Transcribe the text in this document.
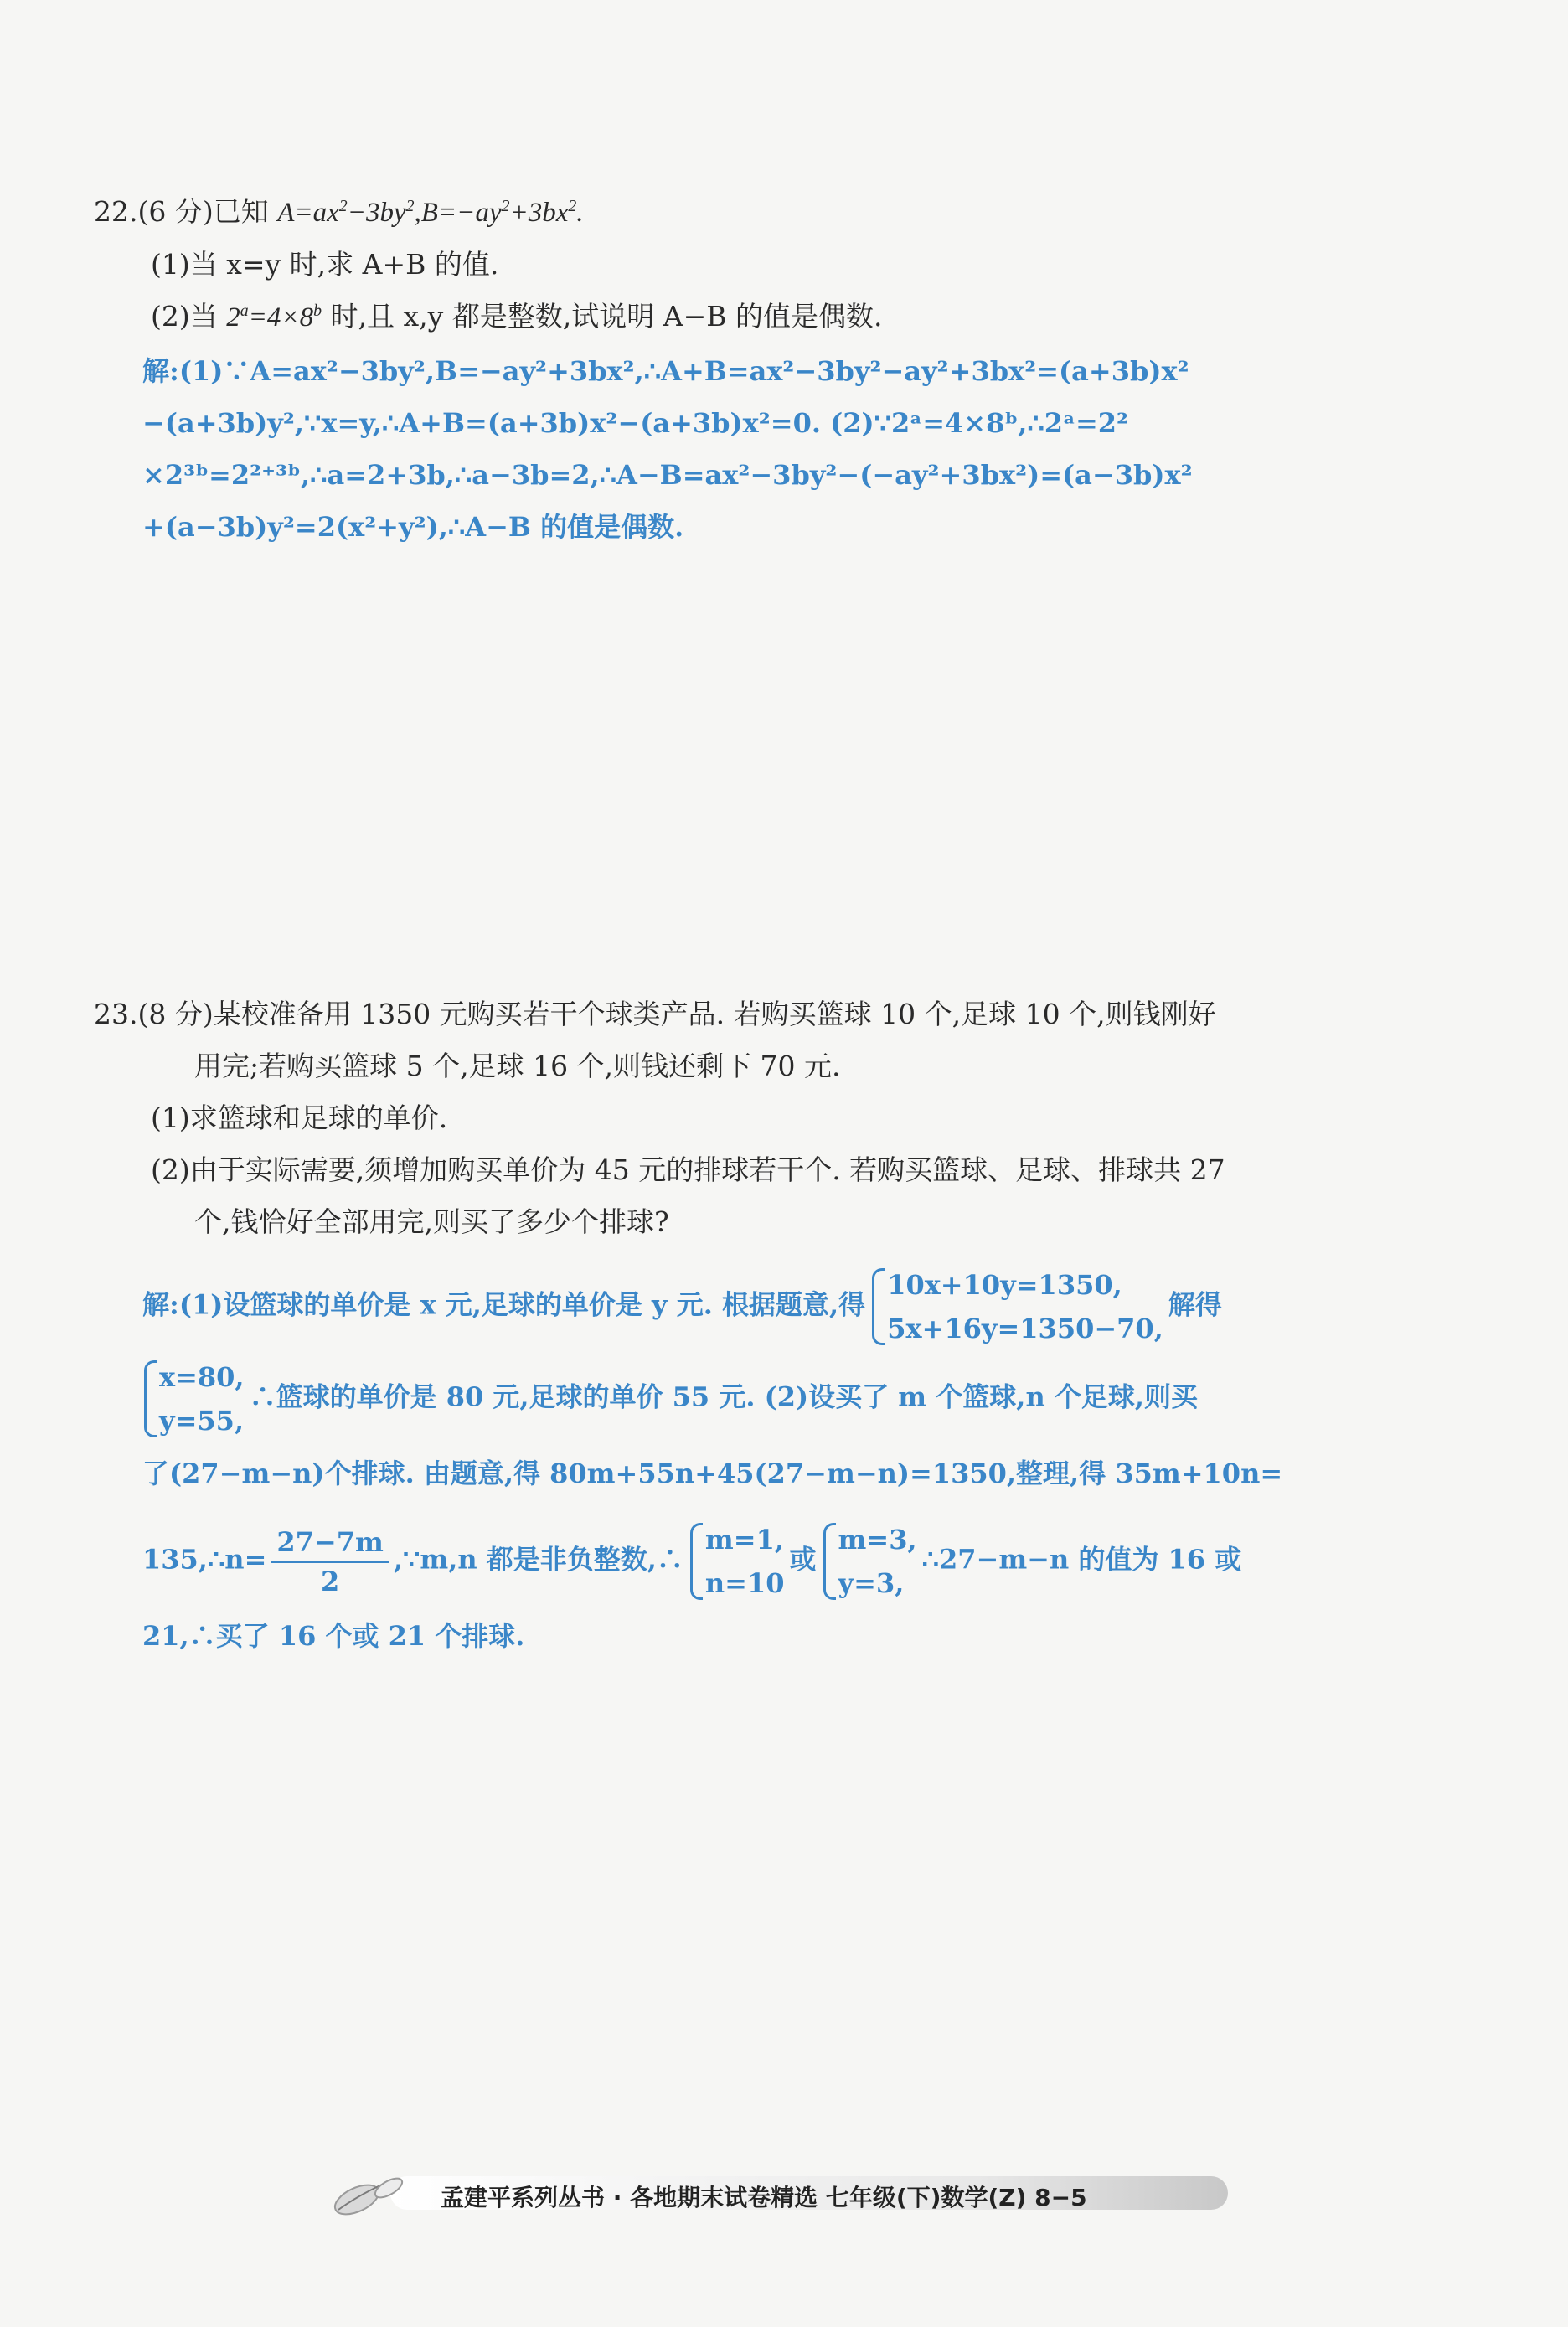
22.(6 分)已知 $A=ax^2-3by^2,B=-ay^2+3bx^2$.
(1)当 x=y 时,求 A+B 的值.
(2)当 $2^a=4\times 8^b$ 时,且 x,y 都是整数,试说明 A−B 的值是偶数.
解:(1)∵A=ax²−3by²,B=−ay²+3bx²,∴A+B=ax²−3by²−ay²+3bx²=(a+3b)x²
−(a+3b)y²,∵x=y,∴A+B=(a+3b)x²−(a+3b)x²=0. (2)∵2ᵃ=4×8ᵇ,∴2ᵃ=2²
×2³ᵇ=2²⁺³ᵇ,∴a=2+3b,∴a−3b=2,∴A−B=ax²−3by²−(−ay²+3bx²)=(a−3b)x²
+(a−3b)y²=2(x²+y²),∴A−B 的值是偶数.
23.(8 分)某校准备用 1350 元购买若干个球类产品. 若购买篮球 10 个,足球 10 个,则钱刚好
用完;若购买篮球 5 个,足球 16 个,则钱还剩下 70 元.
(1)求篮球和足球的单价.
(2)由于实际需要,须增加购买单价为 45 元的排球若干个. 若购买篮球、足球、排球共 27
个,钱恰好全部用完,则买了多少个排球?
解:(1)设篮球的单价是 x 元,足球的单价是 y 元. 根据题意,得
10x+10y=1350,
5x+16y=1350−70,
解得
x=80,
y=55,
∴篮球的单价是 80 元,足球的单价 55 元. (2)设买了 m 个篮球,n 个足球,则买
了(27−m−n)个排球. 由题意,得 80m+55n+45(27−m−n)=1350,整理,得 35m+10n=
135,∴n= $\frac{27-7m}{2}$ ,∵m,n 都是非负整数,∴
m=1,
n=10
或
m=3,
y=3,
∴27−m−n 的值为 16 或
21,∴买了 16 个或 21 个排球.
孟建平系列丛书 · 各地期末试卷精选 七年级(下)数学(Z) 8−5
